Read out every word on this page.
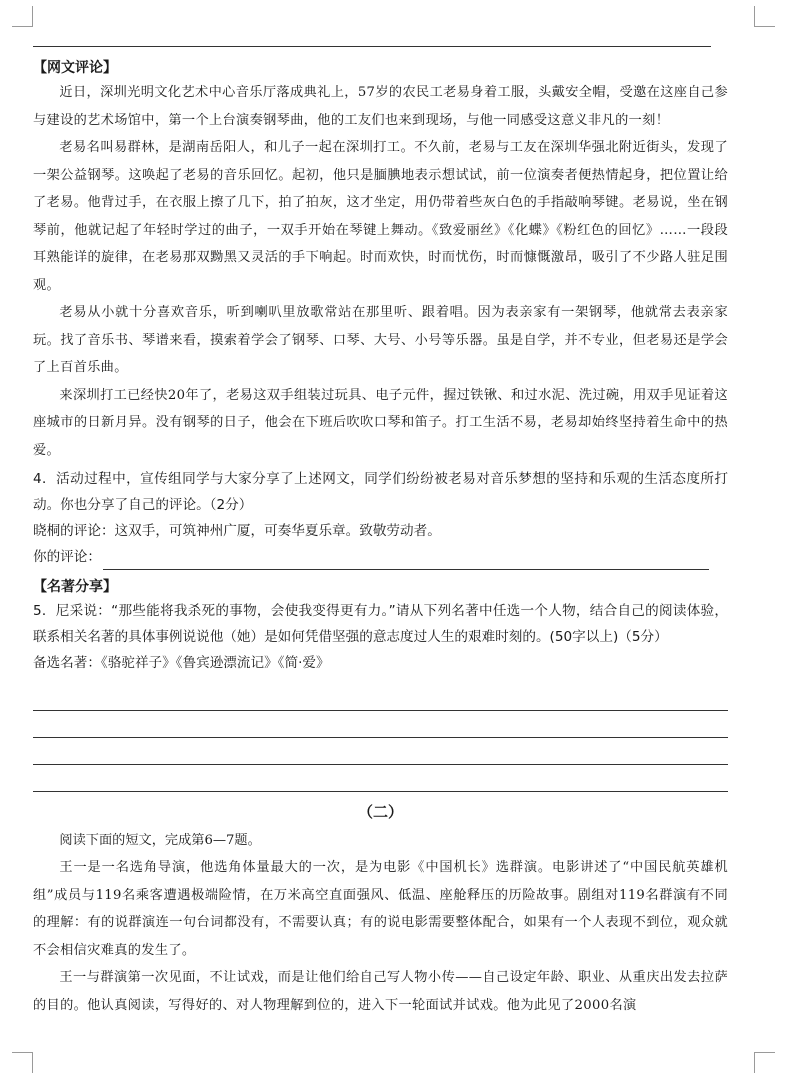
【网文评论】

近日，深圳光明文化艺术中心音乐厅落成典礼上，57岁的农民工老易身着工服，头戴安全帽，受邀在这座自己参与建设的艺术场馆中，第一个上台演奏钢琴曲，他的工友们也来到现场，与他一同感受这意义非凡的一刻！

老易名叫易群林，是湖南岳阳人，和儿子一起在深圳打工。不久前，老易与工友在深圳华强北附近街头，发现了一架公益钢琴。这唤起了老易的音乐回忆。起初，他只是腼腆地表示想试试，前一位演奏者便热情起身，把位置让给了老易。他背过手，在衣服上擦了几下，拍了拍灰，这才坐定，用仍带着些灰白色的手指敲响琴键。老易说，坐在钢琴前，他就记起了年轻时学过的曲子，一双手开始在琴键上舞动。《致爱丽丝》《化蝶》《粉红色的回忆》……一段段耳熟能详的旋律，在老易那双黝黑又灵活的手下响起。时而欢快，时而忧伤，时而慷慨激昂，吸引了不少路人驻足围观。

老易从小就十分喜欢音乐，听到喇叭里放歌常站在那里听、跟着唱。因为表亲家有一架钢琴，他就常去表亲家玩。找了音乐书、琴谱来看，摸索着学会了钢琴、口琴、大号、小号等乐器。虽是自学，并不专业，但老易还是学会了上百首乐曲。

来深圳打工已经快20年了，老易这双手组装过玩具、电子元件，握过铁锹、和过水泥、洗过碗，用双手见证着这座城市的日新月异。没有钢琴的日子，他会在下班后吹吹口琴和笛子。打工生活不易，老易却始终坚持着生命中的热爱。

4．活动过程中，宣传组同学与大家分享了上述网文，同学们纷纷被老易对音乐梦想的坚持和乐观的生活态度所打动。你也分享了自己的评论。（2分）

晓桐的评论：这双手，可筑神州广厦，可奏华夏乐章。致敬劳动者。

你的评论：
【名著分享】

5．尼采说：“那些能将我杀死的事物，会使我变得更有力。”请从下列名著中任选一个人物，结合自己的阅读体验，联系相关名著的具体事例说说他（她）是如何凭借坚强的意志度过人生的艰难时刻的。(50字以上)（5分）

备选名著：《骆驼祥子》《鲁宾逊漂流记》《简·爱》

（二）

阅读下面的短文，完成第6—7题。

王一是一名选角导演，他选角体量最大的一次，是为电影《中国机长》选群演。电影讲述了“中国民航英雄机组”成员与119名乘客遭遇极端险情，在万米高空直面强风、低温、座舱释压的历险故事。剧组对119名群演有不同的理解：有的说群演连一句台词都没有，不需要认真；有的说电影需要整体配合，如果有一个人表现不到位，观众就不会相信灾难真的发生了。

王一与群演第一次见面，不让试戏，而是让他们给自己写人物小传——自己设定年龄、职业、从重庆出发去拉萨的目的。他认真阅读，写得好的、对人物理解到位的，进入下一轮面试并试戏。他为此见了2000名演
